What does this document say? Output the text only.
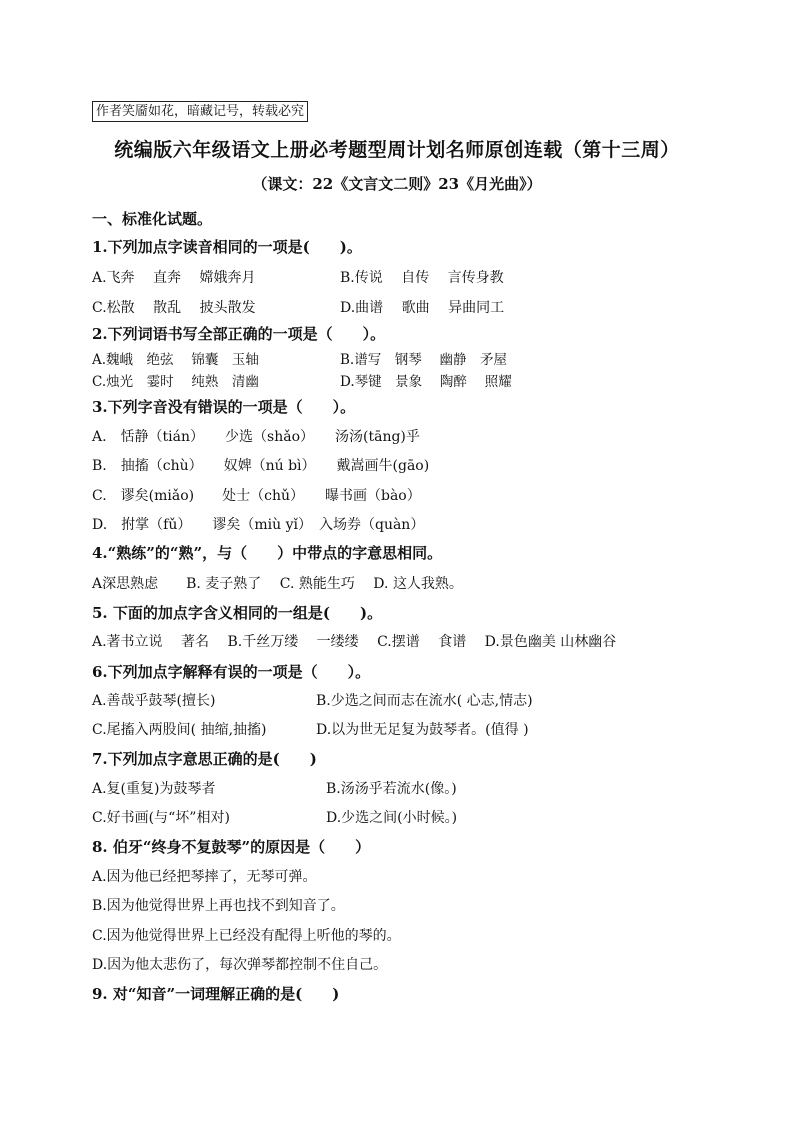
作者笑靥如花，暗藏记号，转载必究
统编版六年级语文上册必考题型周计划名师原创连载（第十三周）
（课文：22《文言文二则》23《月光曲》）
一、标准化试题。
1.下列加点字读音相同的一项是(　　)。
A.飞奔　 直奔　 嫦娥奔月	B.传说　 自传　 言传身教
C.松散　 散乱　 披头散发	D.曲谱　 歌曲　 异曲同工
2.下列词语书写全部正确的一项是（　　）。
A.魏峨　绝弦　 锦囊　玉轴	B.谱写　钢琴　 幽静　矛屋
C.烛光　霎时　 纯熟　清幽	D.琴键　景象　 陶醉　 照耀
3.下列字音没有错误的一项是（　　）。
A.　恬静（tián）　　少选（shǎo）　　汤汤(tāng)乎
B.　抽搐（chù）　　奴婢（nú bì）　　戴嵩画牛(gāo)
C.　谬矣(miǎo)　　处士（chǔ）　　曝书画（bào）
D.　拊掌（fǔ）　　谬矣（miù yǐ）　入场券（quàn）
4.“熟练”的“熟”，与（　　）中带点的字意思相同。
A深思熟虑　　B. 麦子熟了　 C. 熟能生巧　 D. 这人我熟。
5. 下面的加点字含义相同的一组是(　　)。
A.著书立说　 著名　 B.千丝万缕　 一缕缕　 C.摆谱　 食谱　 D.景色幽美 山林幽谷
6.下列加点字解释有误的一项是（　　）。
A.善哉乎鼓琴(擅长)	B.少选之间而志在流水( 心志,情志)
C.尾搐入两股间( 抽缩,抽搐)	D.以为世无足复为鼓琴者。(值得 )
7.下列加点字意思正确的是(　　)
A.复(重复)为鼓琴者	B.汤汤乎若流水(像。)
C.好书画(与“坏”相对)	D.少选之间(小时候。)
8. 伯牙“终身不复鼓琴”的原因是（　　）
A.因为他已经把琴摔了，无琴可弹。
B.因为他觉得世界上再也找不到知音了。
C.因为他觉得世界上已经没有配得上听他的琴的。
D.因为他太悲伤了，每次弹琴都控制不住自己。
9. 对“知音”一词理解正确的是(　　)
